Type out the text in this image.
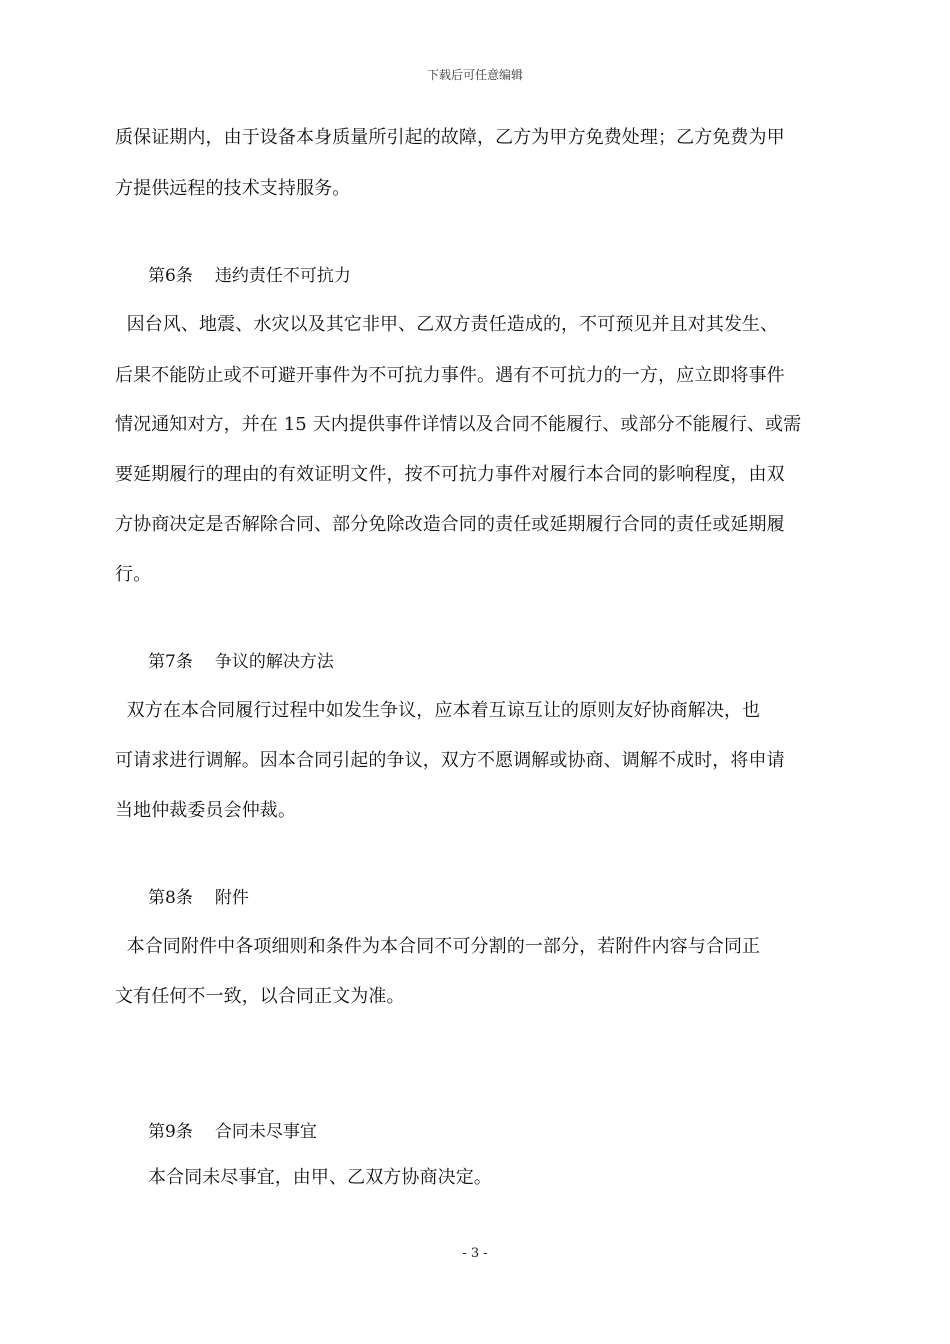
下载后可任意编辑
质保证期内，由于设备本身质量所引起的故障，乙方为甲方免费处理；乙方免费为甲
方提供远程的技术支持服务。
第6条 违约责任不可抗力
因台风、地震、水灾以及其它非甲、乙双方责任造成的，不可预见并且对其发生、
后果不能防止或不可避开事件为不可抗力事件。遇有不可抗力的一方，应立即将事件
情况通知对方，并在 15 天内提供事件详情以及合同不能履行、或部分不能履行、或需
要延期履行的理由的有效证明文件，按不可抗力事件对履行本合同的影响程度，由双
方协商决定是否解除合同、部分免除改造合同的责任或延期履行合同的责任或延期履
行。
第7条 争议的解决方法
双方在本合同履行过程中如发生争议，应本着互谅互让的原则友好协商解决，也
可请求进行调解。因本合同引起的争议，双方不愿调解或协商、调解不成时，将申请
当地仲裁委员会仲裁。
第8条 附件
本合同附件中各项细则和条件为本合同不可分割的一部分，若附件内容与合同正
文有任何不一致，以合同正文为准。
第9条 合同未尽事宜
本合同未尽事宜，由甲、乙双方协商决定。
- 3 -
